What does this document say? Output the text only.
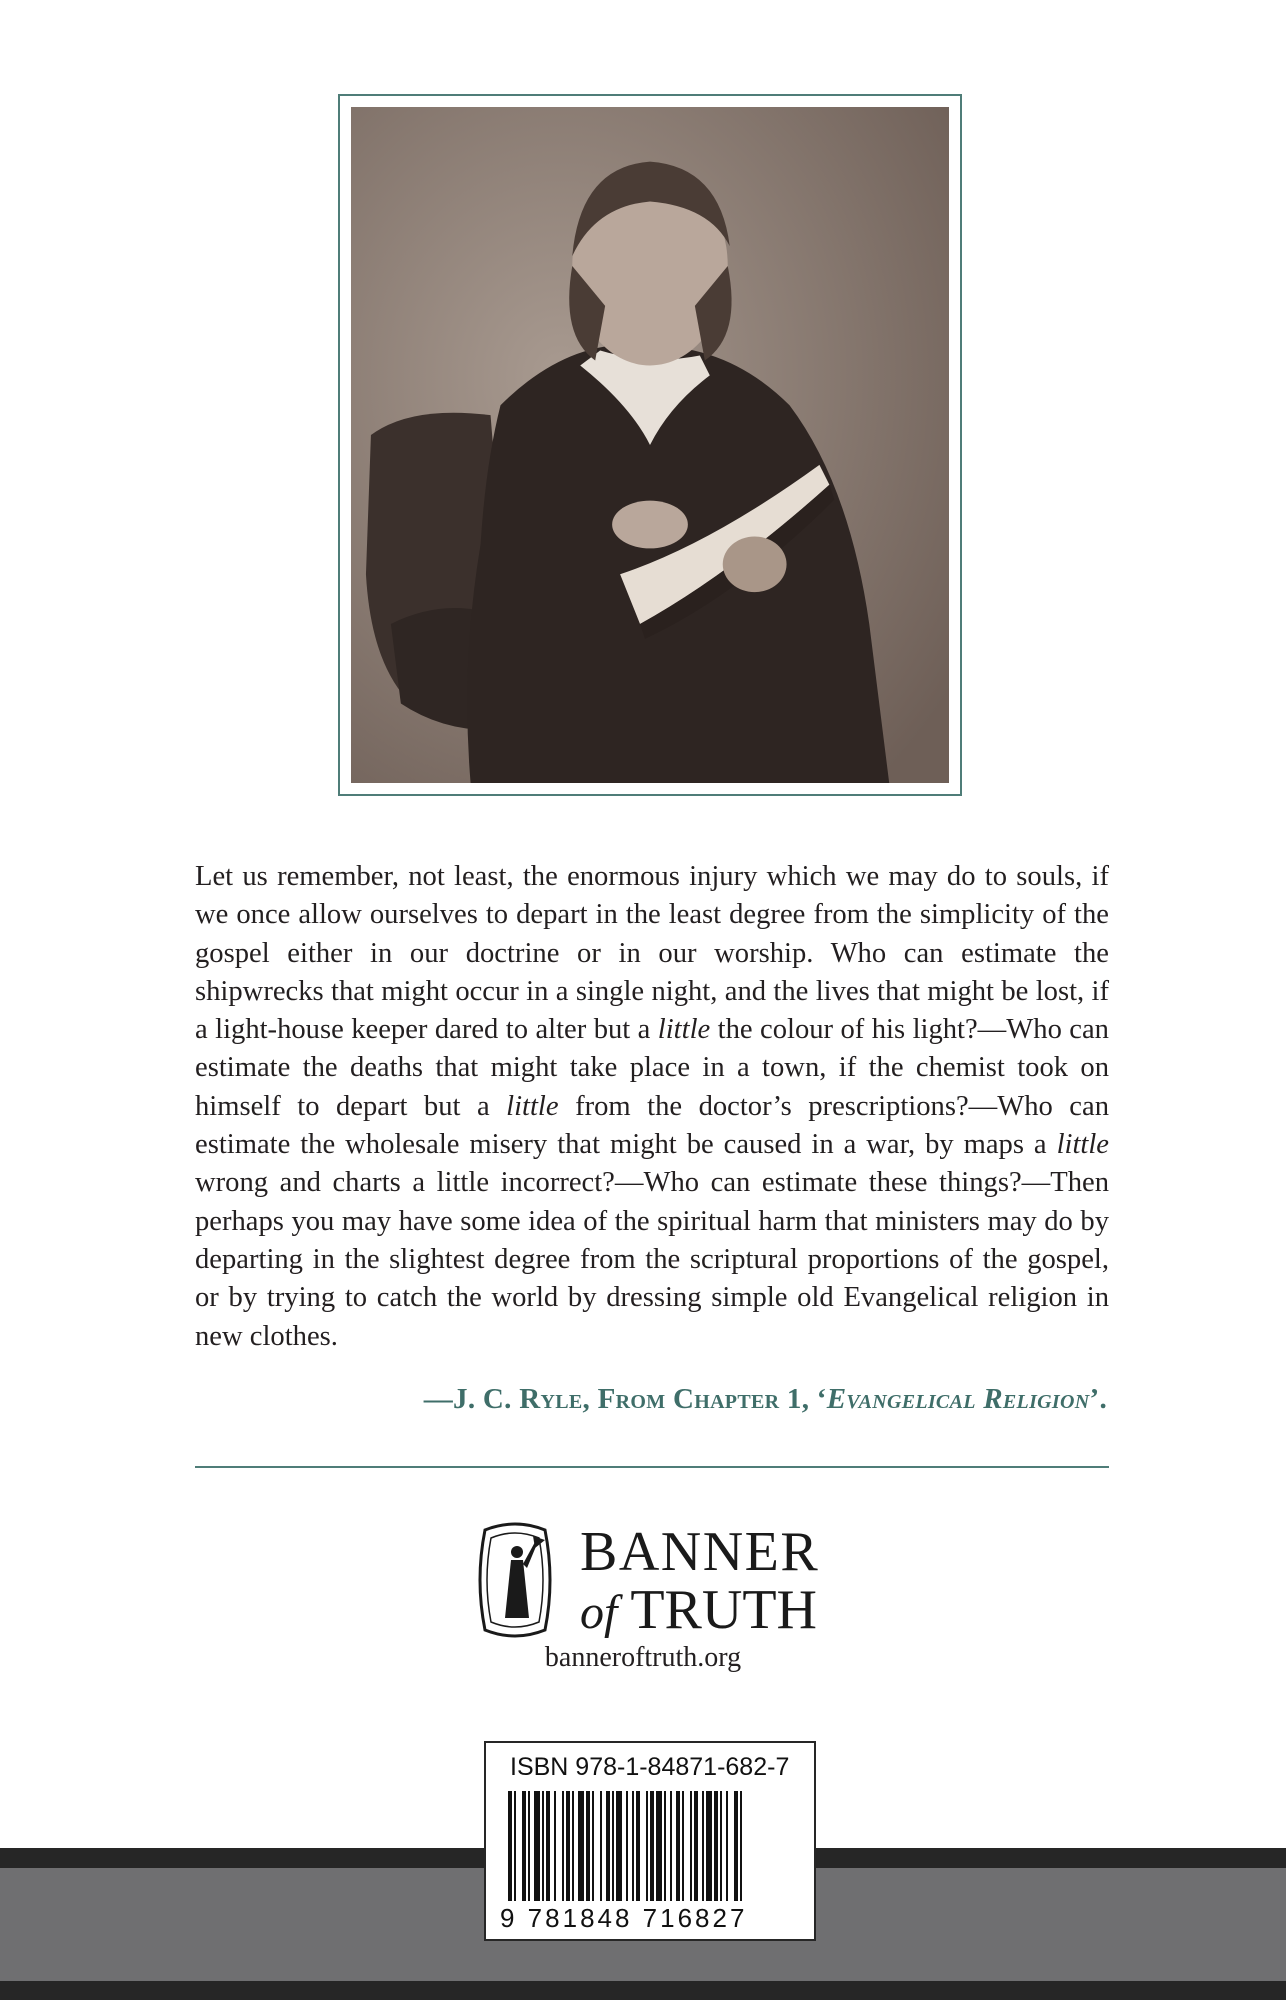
Let us remember, not least, the enormous injury which we may do to souls, if we once allow ourselves to depart in the least degree from the simplicity of the gospel either in our doctrine or in our worship. Who can estimate the shipwrecks that might occur in a single night, and the lives that might be lost, if a light-house keeper dared to alter but a little the colour of his light?—Who can estimate the deaths that might take place in a town, if the chemist took on himself to depart but a little from the doctor’s prescriptions?—Who can estimate the wholesale misery that might be caused in a war, by maps a little wrong and charts a little incorrect?—Who can estimate these things?—Then perhaps you may have some idea of the spiritual harm that ministers may do by departing in the slightest degree from the scriptural proportions of the gospel, or by trying to catch the world by dressing simple old Evangelical religion in new clothes.

—J. C. Ryle, From Chapter 1, ‘Evangelical Religion’.
BANNER
of TRUTH
banneroftruth.org
ISBN 978-1-84871-682-7
9 781848 716827
